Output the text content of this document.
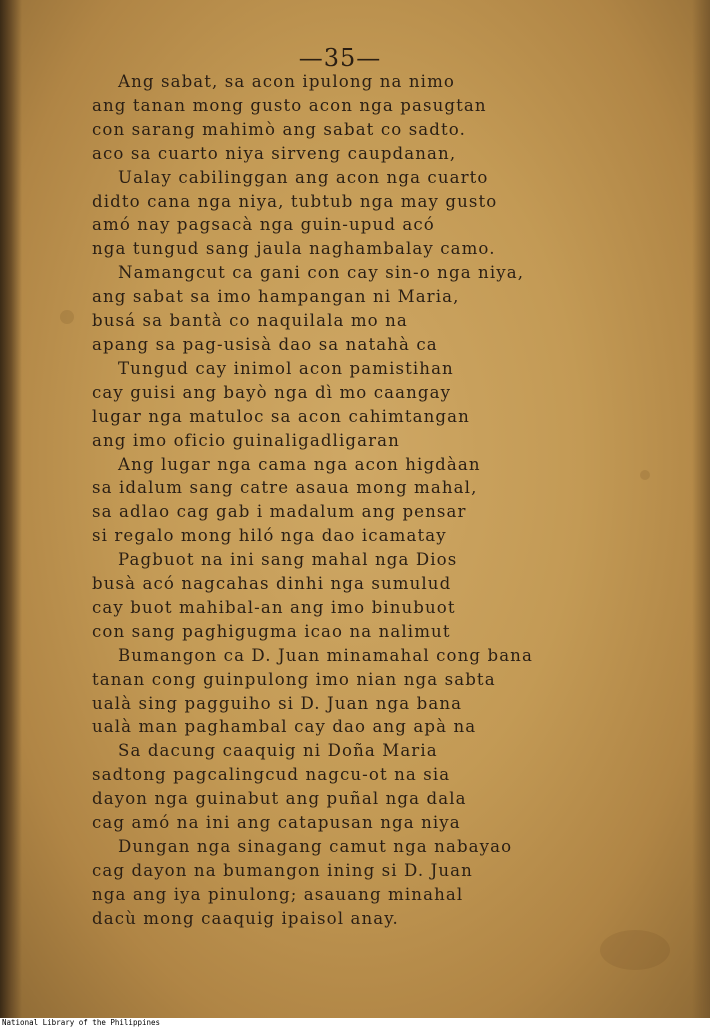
—35—
Ang sabat, sa acon ipulong na nimo
ang tanan mong gusto acon nga pasugtan
con sarang mahimò ang sabat co sadto.
aco sa cuarto niya sirveng caupdanan,
Ualay cabilinggan ang acon nga cuarto
didto cana nga niya, tubtub nga may gusto
amó nay pagsacà nga guin-upud acó
nga tungud sang jaula naghambalay camo.
Namangcut ca gani con cay sin-o nga niya,
ang sabat sa imo hampangan ni Maria,
busá sa bantà co naquilala mo na
apang sa pag-usisà dao sa natahà ca
Tungud cay inimol acon pamistihan
cay guisi ang bayò nga dì mo caangay
lugar nga matuloc sa acon cahimtangan
ang imo oficio guinaligadligaran
Ang lugar nga cama nga acon higdàan
sa idalum sang catre asaua mong mahal,
sa adlao cag gab i madalum ang pensar
si regalo mong hiló nga dao icamatay
Pagbuot na ini sang mahal nga Dios
busà acó nagcahas dinhi nga sumulud
cay buot mahibal-an ang imo binubuot
con sang paghigugma icao na nalimut
Bumangon ca D. Juan minamahal cong bana
tanan cong guinpulong imo nian nga sabta
ualà sing pagguiho si D. Juan nga bana
ualà man paghambal cay dao ang apà na
Sa dacung caaquig ni Doña Maria
sadtong pagcalingcud nagcu-ot na sia
dayon nga guinabut ang puñal nga dala
cag amó na ini ang catapusan nga niya
Dungan nga sinagang camut nga nabayao
cag dayon na bumangon ining si D. Juan
nga ang iya pinulong; asauang minahal
dacù mong caaquig ipaisol anay.
National Library of the Philippines
